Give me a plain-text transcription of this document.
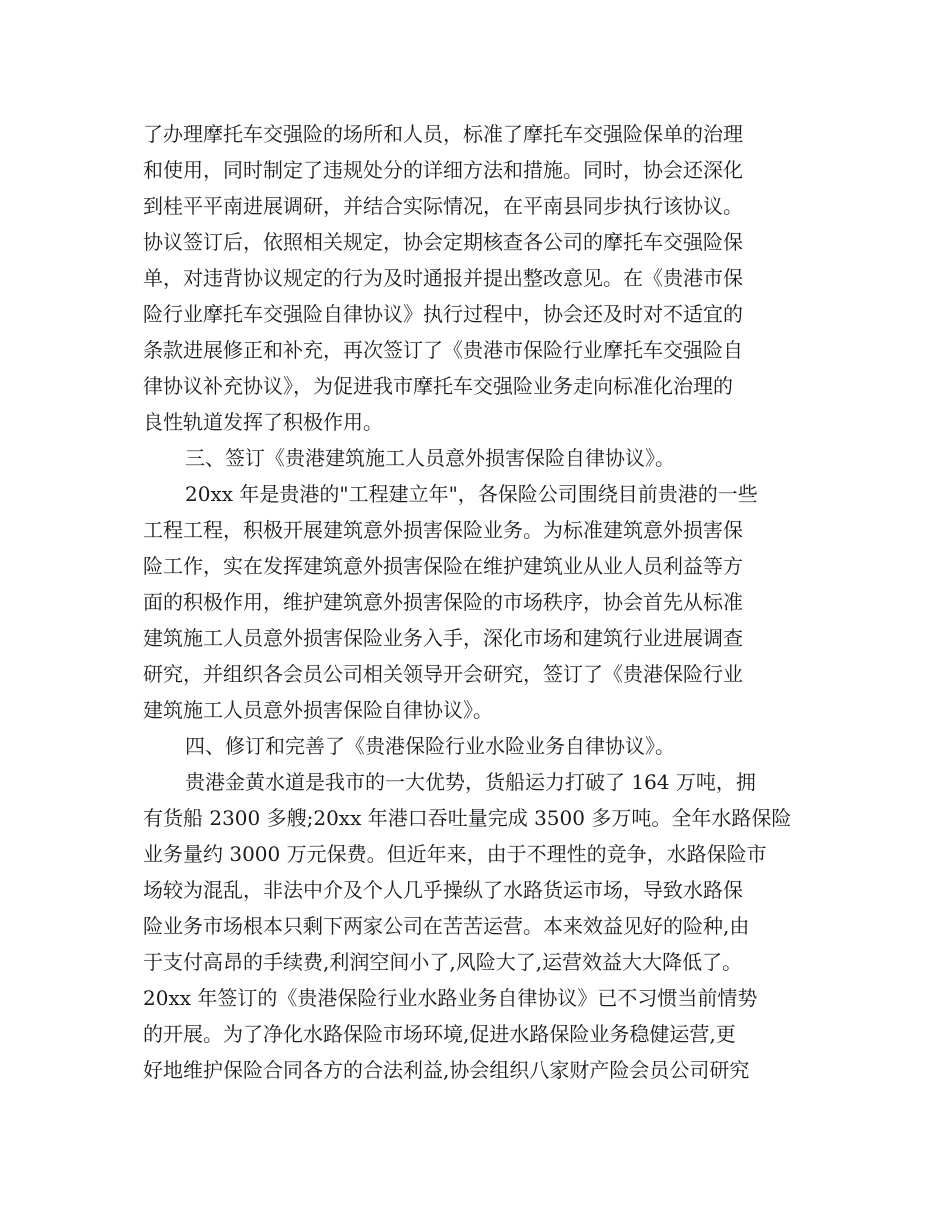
了办理摩托车交强险的场所和人员，标准了摩托车交强险保单的治理
和使用，同时制定了违规处分的详细方法和措施。同时，协会还深化
到桂平平南进展调研，并结合实际情况，在平南县同步执行该协议。
协议签订后，依照相关规定，协会定期核查各公司的摩托车交强险保
单，对违背协议规定的行为及时通报并提出整改意见。在《贵港市保
险行业摩托车交强险自律协议》执行过程中，协会还及时对不适宜的
条款进展修正和补充，再次签订了《贵港市保险行业摩托车交强险自
律协议补充协议》，为促进我市摩托车交强险业务走向标准化治理的
良性轨道发挥了积极作用。
三、签订《贵港建筑施工人员意外损害保险自律协议》。
20xx 年是贵港的"工程建立年"，各保险公司围绕目前贵港的一些
工程工程，积极开展建筑意外损害保险业务。为标准建筑意外损害保
险工作，实在发挥建筑意外损害保险在维护建筑业从业人员利益等方
面的积极作用，维护建筑意外损害保险的市场秩序，协会首先从标准
建筑施工人员意外损害保险业务入手，深化市场和建筑行业进展调查
研究，并组织各会员公司相关领导开会研究，签订了《贵港保险行业
建筑施工人员意外损害保险自律协议》。
四、修订和完善了《贵港保险行业水险业务自律协议》。
贵港金黄水道是我市的一大优势，货船运力打破了 164 万吨，拥
有货船 2300 多艘;20xx 年港口吞吐量完成 3500 多万吨。全年水路保险
业务量约 3000 万元保费。但近年来，由于不理性的竞争，水路保险市
场较为混乱，非法中介及个人几乎操纵了水路货运市场，导致水路保
险业务市场根本只剩下两家公司在苦苦运营。本来效益见好的险种,由
于支付高昂的手续费,利润空间小了,风险大了,运营效益大大降低了。
20xx 年签订的《贵港保险行业水路业务自律协议》已不习惯当前情势
的开展。为了净化水路保险市场环境,促进水路保险业务稳健运营,更
好地维护保险合同各方的合法利益,协会组织八家财产险会员公司研究
